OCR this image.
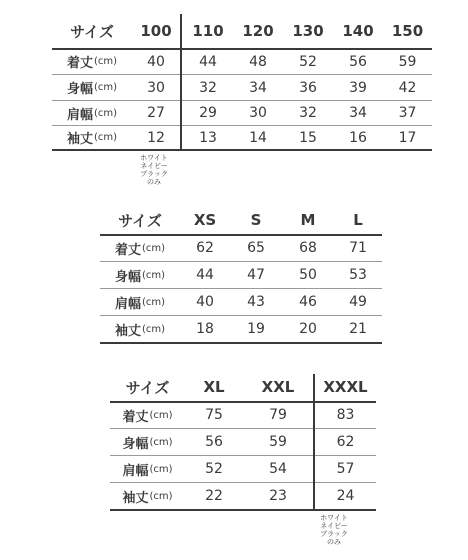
サイズ	100	110	120	130	140	150
着丈 (cm)	40	44	48	52	56	59
身幅 (cm)	30	32	34	36	39	42
肩幅 (cm)	27	29	30	32	34	37
袖丈 (cm)	12	13	14	15	16	17
ホワイト
ネイビー
ブラック
のみ
サイズ	XS	S	M	L
着丈 (cm)	62	65	68	71
身幅 (cm)	44	47	50	53
肩幅 (cm)	40	43	46	49
袖丈 (cm)	18	19	20	21
サイズ	XL	XXL	XXXL
着丈 (cm)	75	79	83
身幅 (cm)	56	59	62
肩幅 (cm)	52	54	57
袖丈 (cm)	22	23	24
ホワイト
ネイビー
ブラック
のみ
